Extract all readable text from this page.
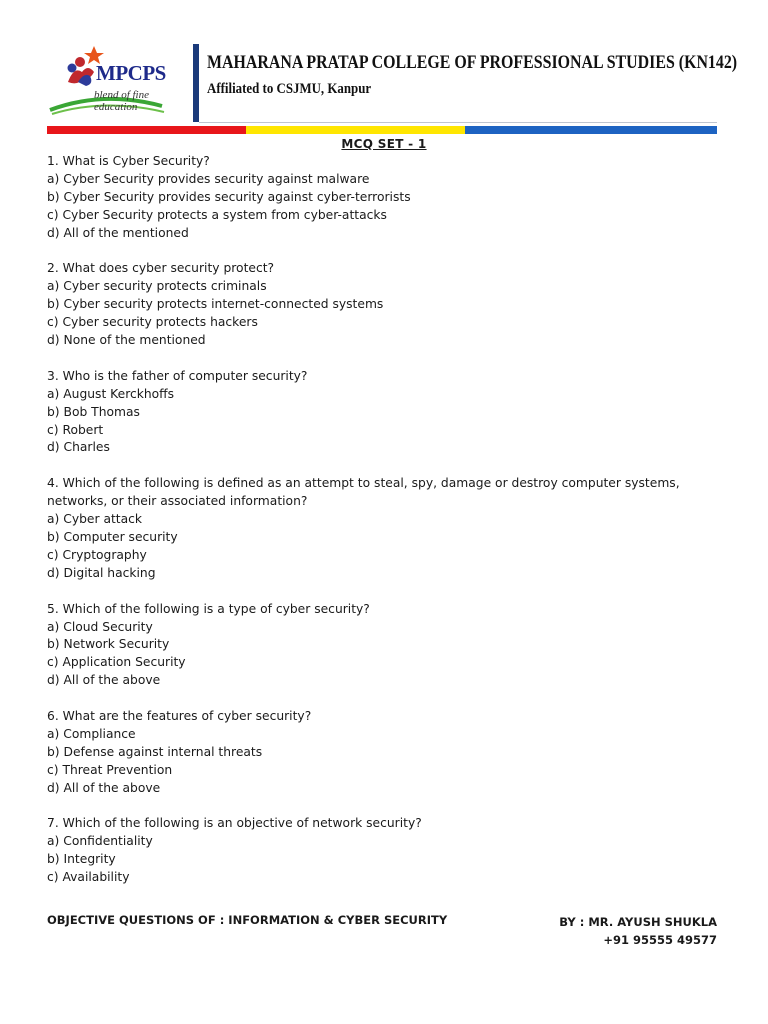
MPCPS
blend of fine education
MAHARANA PRATAP COLLEGE OF PROFESSIONAL STUDIES (KN142)
Affiliated to CSJMU, Kanpur
MCQ SET - 1
1. What is Cyber Security?
a) Cyber Security provides security against malware
b) Cyber Security provides security against cyber-terrorists
c) Cyber Security protects a system from cyber-attacks
d) All of the mentioned
2. What does cyber security protect?
a) Cyber security protects criminals
b) Cyber security protects internet-connected systems
c) Cyber security protects hackers
d) None of the mentioned
3. Who is the father of computer security?
a) August Kerckhoffs
b) Bob Thomas
c) Robert
d) Charles
4. Which of the following is defined as an attempt to steal, spy, damage or destroy computer systems, networks, or their associated information?
a) Cyber attack
b) Computer security
c) Cryptography
d) Digital hacking
5. Which of the following is a type of cyber security?
a) Cloud Security
b) Network Security
c) Application Security
d) All of the above
6. What are the features of cyber security?
a) Compliance
b) Defense against internal threats
c) Threat Prevention
d) All of the above
7. Which of the following is an objective of network security?
a) Confidentiality
b) Integrity
c) Availability
OBJECTIVE QUESTIONS OF : INFORMATION & CYBER SECURITY	BY : MR. AYUSH SHUKLA
+91 95555 49577
